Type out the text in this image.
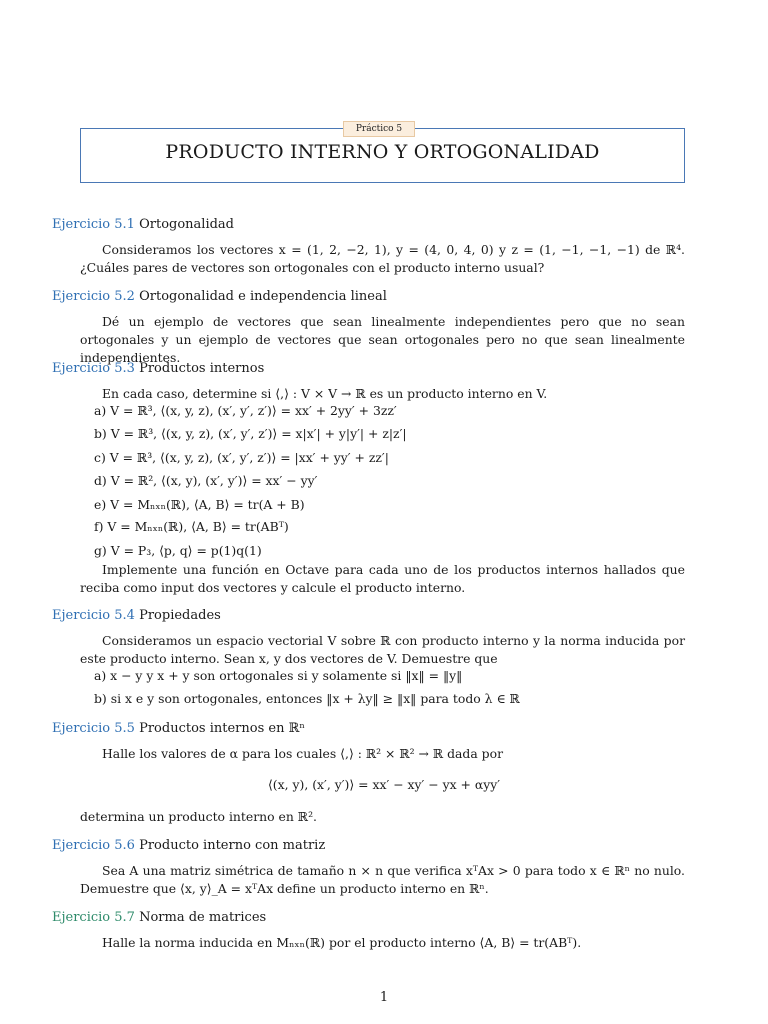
PRODUCTO INTERNO Y ORTOGONALIDAD
Práctico 5
Ejercicio 5.1 Ortogonalidad
Consideramos los vectores x = (1, 2, −2, 1), y = (4, 0, 4, 0) y z = (1, −1, −1, −1) de ℝ⁴. ¿Cuáles pares de vectores son ortogonales con el producto interno usual?
Ejercicio 5.2 Ortogonalidad e independencia lineal
Dé un ejemplo de vectores que sean linealmente independientes pero que no sean ortogonales y un ejemplo de vectores que sean ortogonales pero no que sean linealmente independientes.
Ejercicio 5.3 Productos internos
En cada caso, determine si ⟨,⟩ : V × V → ℝ es un producto interno en V.
a) V = ℝ³, ⟨(x, y, z), (x′, y′, z′)⟩ = xx′ + 2yy′ + 3zz′
b) V = ℝ³, ⟨(x, y, z), (x′, y′, z′)⟩ = x|x′| + y|y′| + z|z′|
c) V = ℝ³, ⟨(x, y, z), (x′, y′, z′)⟩ = |xx′ + yy′ + zz′|
d) V = ℝ², ⟨(x, y), (x′, y′)⟩ = xx′ − yy′
e) V = Mₙₓₙ(ℝ), ⟨A, B⟩ = tr(A + B)
f) V = Mₙₓₙ(ℝ), ⟨A, B⟩ = tr(ABᵀ)
g) V = P₃, ⟨p, q⟩ = p(1)q(1)
Implemente una función en Octave para cada uno de los productos internos hallados que reciba como input dos vectores y calcule el producto interno.
Ejercicio 5.4 Propiedades
Consideramos un espacio vectorial V sobre ℝ con producto interno y la norma inducida por este producto interno. Sean x, y dos vectores de V. Demuestre que
a) x − y y x + y son ortogonales si y solamente si ‖x‖ = ‖y‖
b) si x e y son ortogonales, entonces ‖x + λy‖ ≥ ‖x‖ para todo λ ∈ ℝ
Ejercicio 5.5 Productos internos en ℝⁿ
Halle los valores de α para los cuales ⟨,⟩ : ℝ² × ℝ² → ℝ dada por
⟨(x, y), (x′, y′)⟩ = xx′ − xy′ − yx + αyy′
determina un producto interno en ℝ².
Ejercicio 5.6 Producto interno con matriz
Sea A una matriz simétrica de tamaño n × n que verifica xᵀAx > 0 para todo x ∈ ℝⁿ no nulo. Demuestre que ⟨x, y⟩_A = xᵀAx define un producto interno en ℝⁿ.
Ejercicio 5.7 Norma de matrices
Halle la norma inducida en Mₙₓₙ(ℝ) por el producto interno ⟨A, B⟩ = tr(ABᵀ).
1
